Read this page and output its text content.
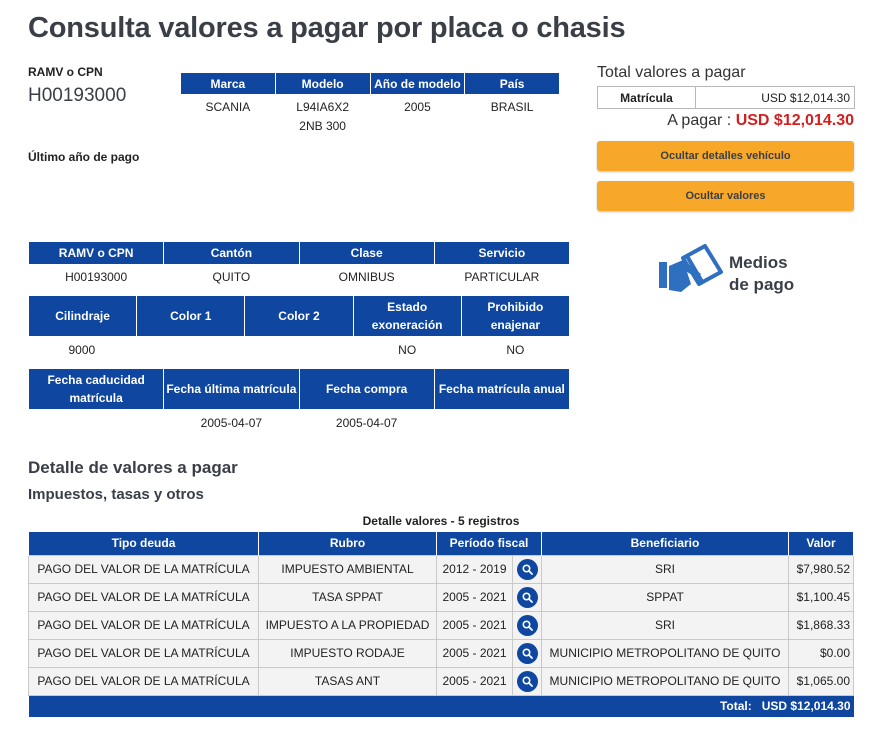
Consulta valores a pagar por placa o chasis
RAMV o CPN
H00193000
Último año de pago
Marca	Modelo	Año de modelo	País
SCANIA	L94IA6X2 2NB 300	2005	BRASIL
Total valores a pagar
Matrícula	USD $12,014.30
A pagar : USD $12,014.30
Ocultar detalles vehículo
Ocultar valores
Medios
de pago
RAMV o CPN	Cantón	Clase	Servicio
H00193000	QUITO	OMNIBUS	PARTICULAR
Cilindraje	Color 1	Color 2	Estado exoneración	Prohibido enajenar
9000			NO	NO
Fecha caducidad matrícula	Fecha última matrícula	Fecha compra	Fecha matrícula anual
	2005-04-07	2005-04-07	
Detalle de valores a pagar
Impuestos, tasas y otros
Detalle valores - 5 registros
Tipo deuda	Rubro	Período fiscal		Beneficiario	Valor
PAGO DEL VALOR DE LA MATRÍCULA	IMPUESTO AMBIENTAL	2012 - 2019		SRI	$7,980.52
PAGO DEL VALOR DE LA MATRÍCULA	TASA SPPAT	2005 - 2021		SPPAT	$1,100.45
PAGO DEL VALOR DE LA MATRÍCULA	IMPUESTO A LA PROPIEDAD	2005 - 2021		SRI	$1,868.33
PAGO DEL VALOR DE LA MATRÍCULA	IMPUESTO RODAJE	2005 - 2021		MUNICIPIO METROPOLITANO DE QUITO	$0.00
PAGO DEL VALOR DE LA MATRÍCULA	TASAS ANT	2005 - 2021		MUNICIPIO METROPOLITANO DE QUITO	$1,065.00
Total: USD $12,014.30					
